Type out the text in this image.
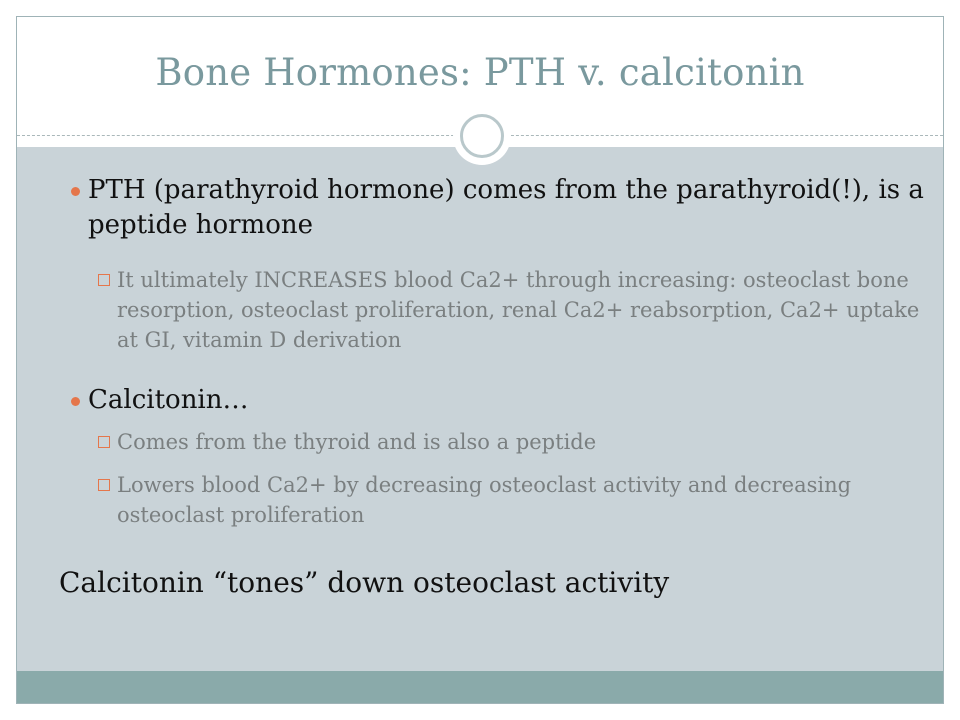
Bone Hormones: PTH v. calcitonin
PTH (parathyroid hormone) comes from the parathyroid(!), is a peptide hormone
It ultimately INCREASES blood Ca2+ through increasing: osteoclast bone resorption, osteoclast proliferation, renal Ca2+ reabsorption, Ca2+ uptake at GI, vitamin D derivation
Calcitonin…
Comes from the thyroid and is also a peptide
Lowers blood Ca2+ by decreasing osteoclast activity and decreasing osteoclast proliferation
Calcitonin “tones” down osteoclast activity
